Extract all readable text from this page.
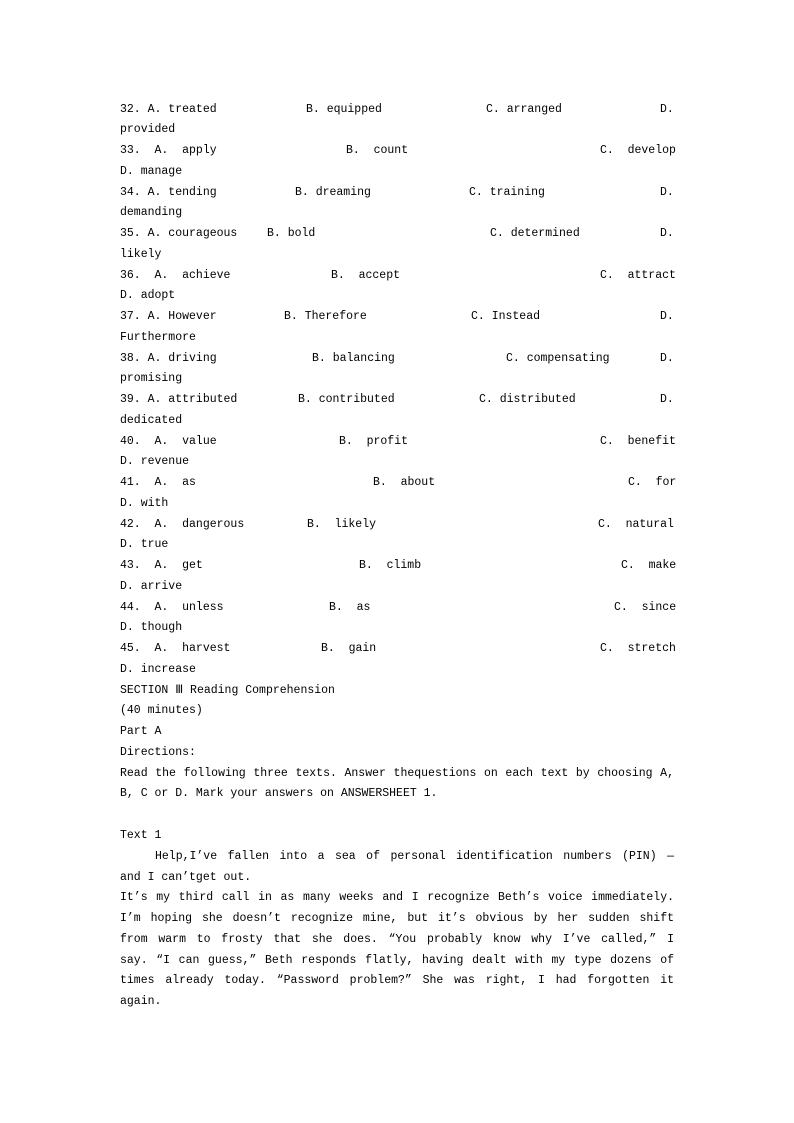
32. A. treated	B. equipped	C. arranged	D.
provided
33.  A.  apply	B.  count	C.  develop
D. manage
34. A. tending	B. dreaming	C. training	D.
demanding
35. A. courageous	B. bold	C. determined	D.
likely
36.  A.  achieve	B.  accept	C.  attract
D. adopt
37. A. However	B. Therefore	C. Instead	D.
Furthermore
38. A. driving	B. balancing	C. compensating	D.
promising
39. A. attributed	B. contributed	C. distributed	D.
dedicated
40.  A.  value	B.  profit	C.  benefit
D. revenue
41.  A.  as	B.  about	C.  for
D. with
42.  A.  dangerous	B.  likely	C.  natural
D. true
43.  A.  get	B.  climb	C.  make
D. arrive
44.  A.  unless	B.  as	C.  since
D. though
45.  A.  harvest	B.  gain	C.  stretch
D. increase
SECTION Ⅲ Reading Comprehension
(40 minutes)
Part A
Directions:
Read the following three texts. Answer thequestions on each text by choosing A,
B, C or D. Mark your answers on ANSWERSHEET 1.
Text 1
Help,I’ve fallen into a sea of personal identification numbers (PIN) —
and I can’tget out.
It’s my third call in as many weeks and I recognize Beth’s voice immediately.
I’m hoping she doesn’t recognize mine, but it’s obvious by her sudden shift
from warm to frosty that she does. “You probably know why I’ve called,” I
say. “I can guess,” Beth responds flatly, having dealt with my type dozens of
times already today. “Password problem?” She was right, I had forgotten it
again.
